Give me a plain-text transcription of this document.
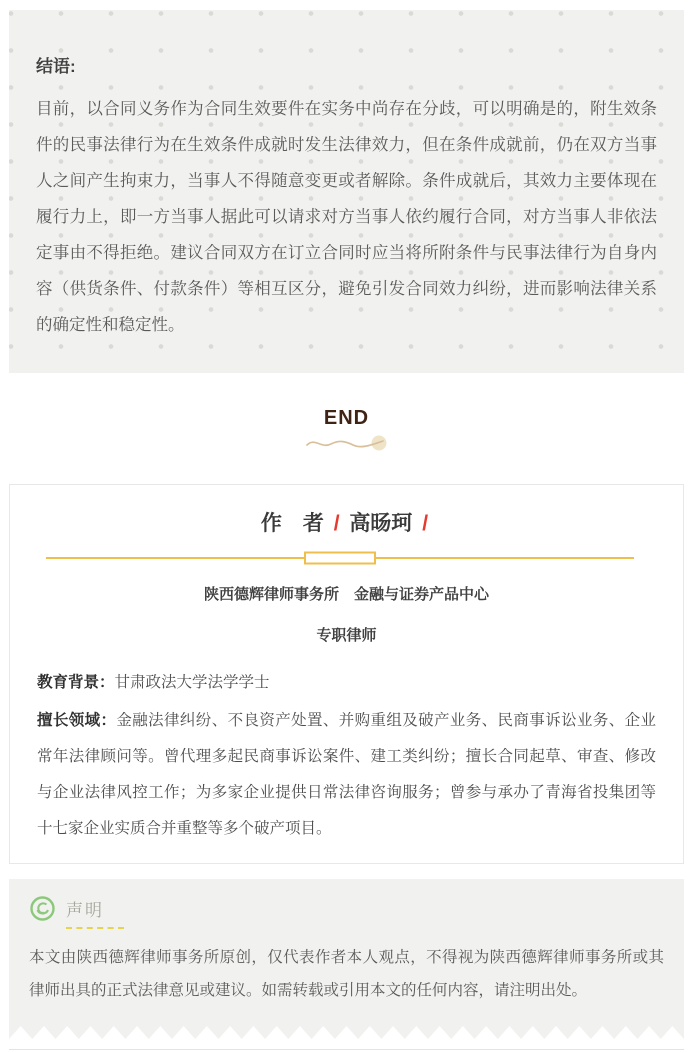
结语:

目前，以合同义务作为合同生效要件在实务中尚存在分歧，可以明确是的，附生效条件的民事法律行为在生效条件成就时发生法律效力，但在条件成就前，仍在双方当事人之间产生拘束力，当事人不得随意变更或者解除。条件成就后，其效力主要体现在履行力上，即一方当事人据此可以请求对方当事人依约履行合同，对方当事人非依法定事由不得拒绝。建议合同双方在订立合同时应当将所附条件与民事法律行为自身内容（供货条件、付款条件）等相互区分，避免引发合同效力纠纷，进而影响法律关系的确定性和稳定性。

END
作　者 / 高旸珂 /

陕西德辉律师事务所　金融与证券产品中心

专职律师

教育背景：甘肃政法大学法学学士

擅长领域：金融法律纠纷、不良资产处置、并购重组及破产业务、民商事诉讼业务、企业常年法律顾问等。曾代理多起民商事诉讼案件、建工类纠纷；擅长合同起草、审查、修改与企业法律风控工作；为多家企业提供日常法律咨询服务；曾参与承办了青海省投集团等十七家企业实质合并重整等多个破产项目。

声明

本文由陕西德辉律师事务所原创，仅代表作者本人观点，不得视为陕西德辉律师事务所或其律师出具的正式法律意见或建议。如需转载或引用本文的任何内容，请注明出处。
